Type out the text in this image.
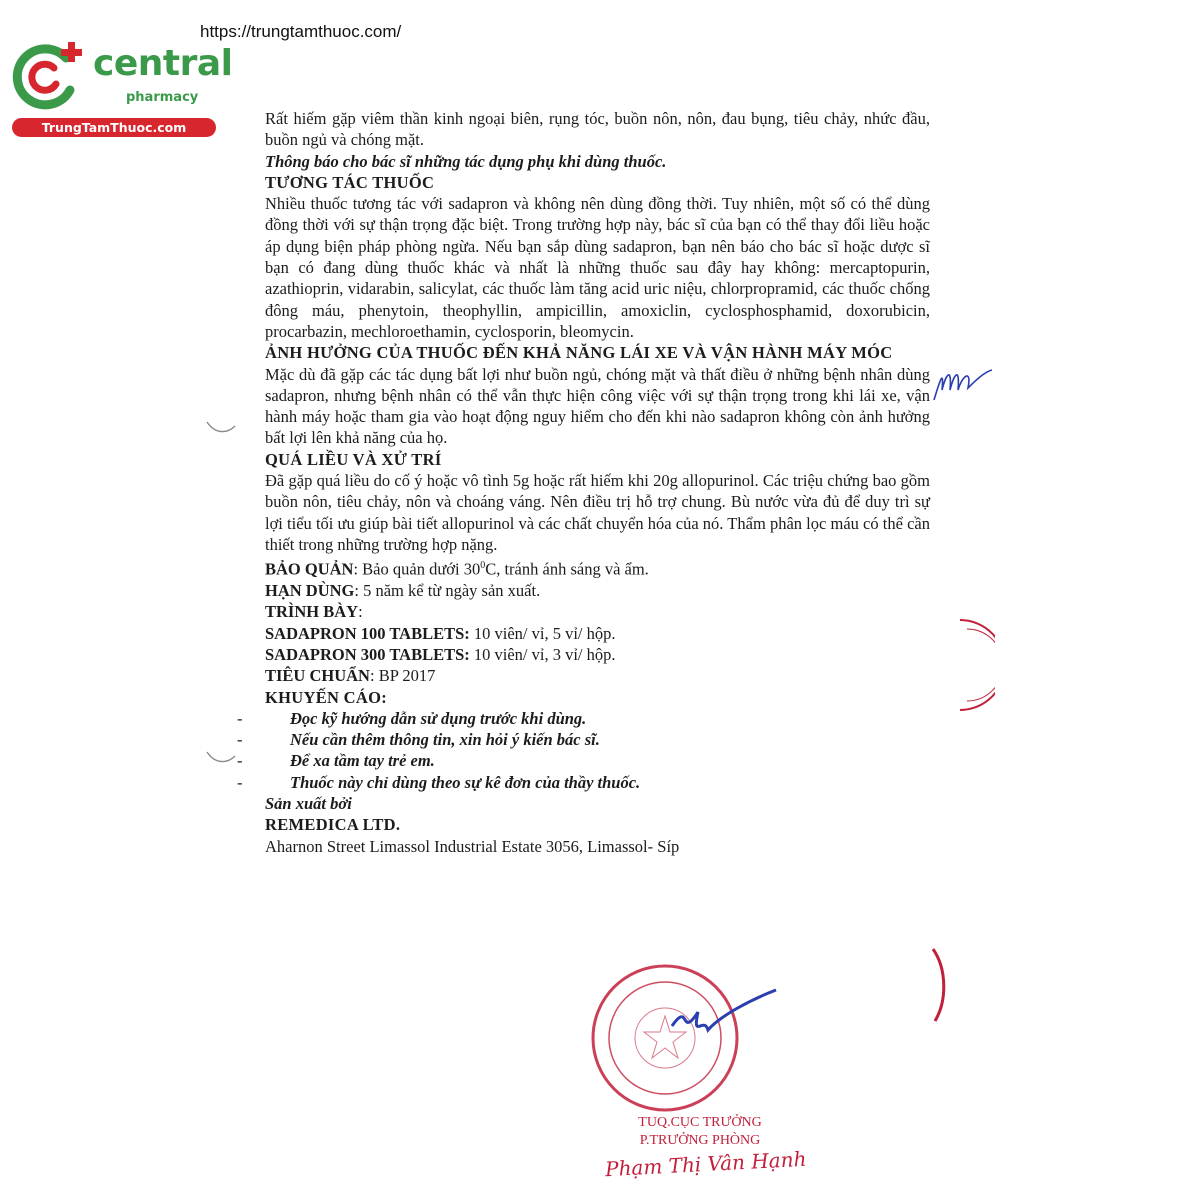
https://trungtamthuoc.com/
central
pharmacy
TrungTamThuoc.com	Rất hiếm gặp viêm thần kinh ngoại biên, rụng tóc, buồn nôn, nôn, đau bụng, tiêu chảy, nhức đầu, buồn ngủ và chóng mặt.

Thông báo cho bác sĩ những tác dụng phụ khi dùng thuốc.

TƯƠNG TÁC THUỐC

Nhiều thuốc tương tác với sadapron và không nên dùng đồng thời. Tuy nhiên, một số có thể dùng đồng thời với sự thận trọng đặc biệt. Trong trường hợp này, bác sĩ của bạn có thể thay đổi liều hoặc áp dụng biện pháp phòng ngừa. Nếu bạn sắp dùng sadapron, bạn nên báo cho bác sĩ hoặc dược sĩ bạn có đang dùng thuốc khác và nhất là những thuốc sau đây hay không: mercaptopurin, azathioprin, vidarabin, salicylat, các thuốc làm tăng acid uric niệu, chlorpropramid, các thuốc chống đông máu, phenytoin, theophyllin, ampicillin, amoxiclin, cyclosphosphamid, doxorubicin, procarbazin, mechloroethamin, cyclosporin, bleomycin.

ẢNH HƯỞNG CỦA THUỐC ĐẾN KHẢ NĂNG LÁI XE VÀ VẬN HÀNH MÁY MÓC

Mặc dù đã gặp các tác dụng bất lợi như buồn ngủ, chóng mặt và thất điều ở những bệnh nhân dùng sadapron, nhưng bệnh nhân có thể vẫn thực hiện công việc với sự thận trọng trong khi lái xe, vận hành máy hoặc tham gia vào hoạt động nguy hiểm cho đến khi nào sadapron không còn ảnh hưởng bất lợi lên khả năng của họ.

QUÁ LIỀU VÀ XỬ TRÍ

Đã gặp quá liều do cố ý hoặc vô tình 5g hoặc rất hiếm khi 20g allopurinol. Các triệu chứng bao gồm buồn nôn, tiêu chảy, nôn và choáng váng. Nên điều trị hỗ trợ chung. Bù nước vừa đủ để duy trì sự lợi tiểu tối ưu giúp bài tiết allopurinol và các chất chuyển hóa của nó. Thẩm phân lọc máu có thể cần thiết trong những trường hợp nặng.

BẢO QUẢN: Bảo quản dưới $30^0C$, tránh ánh sáng và ẩm.

HẠN DÙNG: 5 năm kể từ ngày sản xuất.

TRÌNH BÀY:

SADAPRON 100 TABLETS: 10 viên/ vỉ, 5 vỉ/ hộp.

SADAPRON 300 TABLETS: 10 viên/ vỉ, 3 vỉ/ hộp.

TIÊU CHUẨN: BP 2017

KHUYẾN CÁO:

-	Đọc kỹ hướng dẫn sử dụng trước khi dùng.

-	Nếu cần thêm thông tin, xin hỏi ý kiến bác sĩ.

-	Để xa tầm tay trẻ em.

-	Thuốc này chỉ dùng theo sự kê đơn của thầy thuốc.

Sản xuất bởi

REMEDICA LTD.

Aharnon Street Limassol Industrial Estate 3056, Limassol- Síp

TUQ.CỤC TRƯỞNG
P.TRƯỞNG PHÒNG
Phạm Thị Vân Hạnh
